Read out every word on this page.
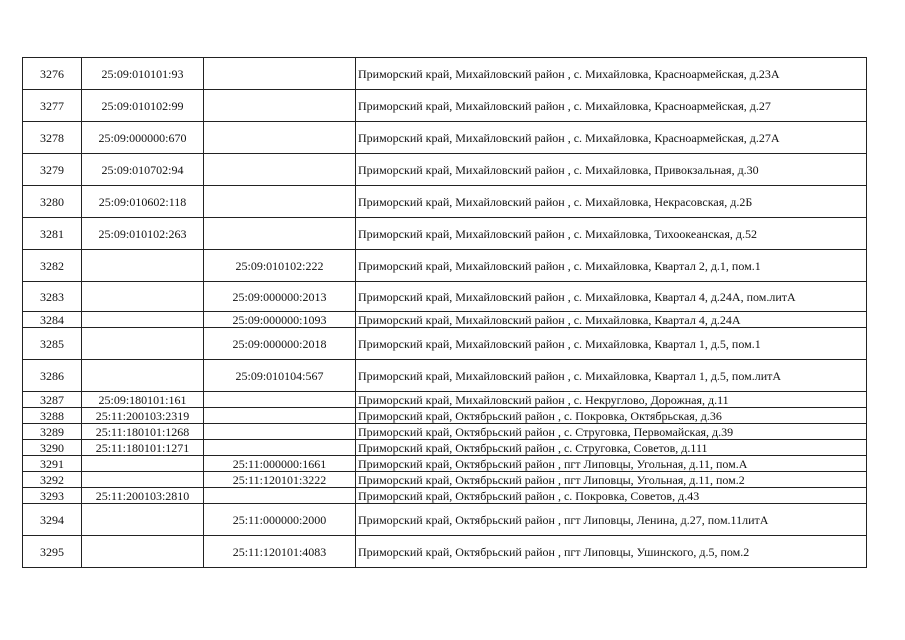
3276	25:09:010101:93		Приморский край, Михайловский район , с. Михайловка, Красноармейская, д.23А
3277	25:09:010102:99		Приморский край, Михайловский район , с. Михайловка, Красноармейская, д.27
3278	25:09:000000:670		Приморский край, Михайловский район , с. Михайловка, Красноармейская, д.27А
3279	25:09:010702:94		Приморский край, Михайловский район , с. Михайловка, Привокзальная, д.30
3280	25:09:010602:118		Приморский край, Михайловский район , с. Михайловка, Некрасовская, д.2Б
3281	25:09:010102:263		Приморский край, Михайловский район , с. Михайловка, Тихоокеанская, д.52
3282		25:09:010102:222	Приморский край, Михайловский район , с. Михайловка, Квартал 2, д.1, пом.1
3283		25:09:000000:2013	Приморский край, Михайловский район , с. Михайловка, Квартал 4, д.24А, пом.литА
3284		25:09:000000:1093	Приморский край, Михайловский район , с. Михайловка, Квартал 4, д.24А
3285		25:09:000000:2018	Приморский край, Михайловский район , с. Михайловка, Квартал 1, д.5, пом.1
3286		25:09:010104:567	Приморский край, Михайловский район , с. Михайловка, Квартал 1, д.5, пом.литА
3287	25:09:180101:161		Приморский край, Михайловский район , с. Некруглово, Дорожная, д.11
3288	25:11:200103:2319		Приморский край, Октябрьский район , с. Покровка, Октябрьская, д.36
3289	25:11:180101:1268		Приморский край, Октябрьский район , с. Струговка, Первомайская, д.39
3290	25:11:180101:1271		Приморский край, Октябрьский район , с. Струговка, Советов, д.111
3291		25:11:000000:1661	Приморский край, Октябрьский район , пгт Липовцы, Угольная, д.11, пом.А
3292		25:11:120101:3222	Приморский край, Октябрьский район , пгт Липовцы, Угольная, д.11, пом.2
3293	25:11:200103:2810		Приморский край, Октябрьский район , с. Покровка, Советов, д.43
3294		25:11:000000:2000	Приморский край, Октябрьский район , пгт Липовцы, Ленина, д.27, пом.11литА
3295		25:11:120101:4083	Приморский край, Октябрьский район , пгт Липовцы, Ушинского, д.5, пом.2
